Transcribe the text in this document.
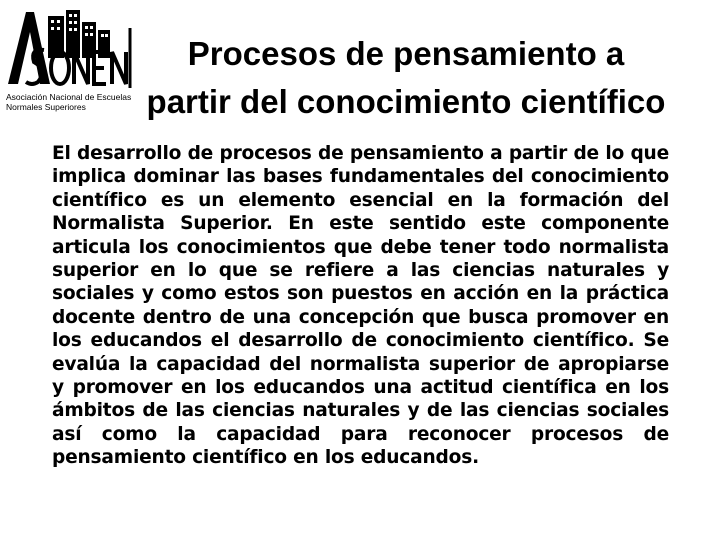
Asociación Nacional de Escuelas
Normales Superiores
Procesos de pensamiento a
partir del conocimiento científico

El desarrollo de procesos de pensamiento a partir de lo que implica dominar las bases fundamentales del conocimiento científico es un elemento esencial en la formación del Normalista Superior. En este sentido este componente articula los conocimientos que debe tener todo normalista superior en lo que se refiere a las ciencias naturales y sociales y como estos son puestos en acción en la práctica docente dentro de una concepción que busca promover en los educandos el desarrollo de conocimiento científico. Se evalúa la capacidad del normalista superior de apropiarse y promover en los educandos una actitud científica en los ámbitos de las ciencias naturales y de las ciencias sociales así como la capacidad para reconocer procesos de pensamiento científico en los educandos.
